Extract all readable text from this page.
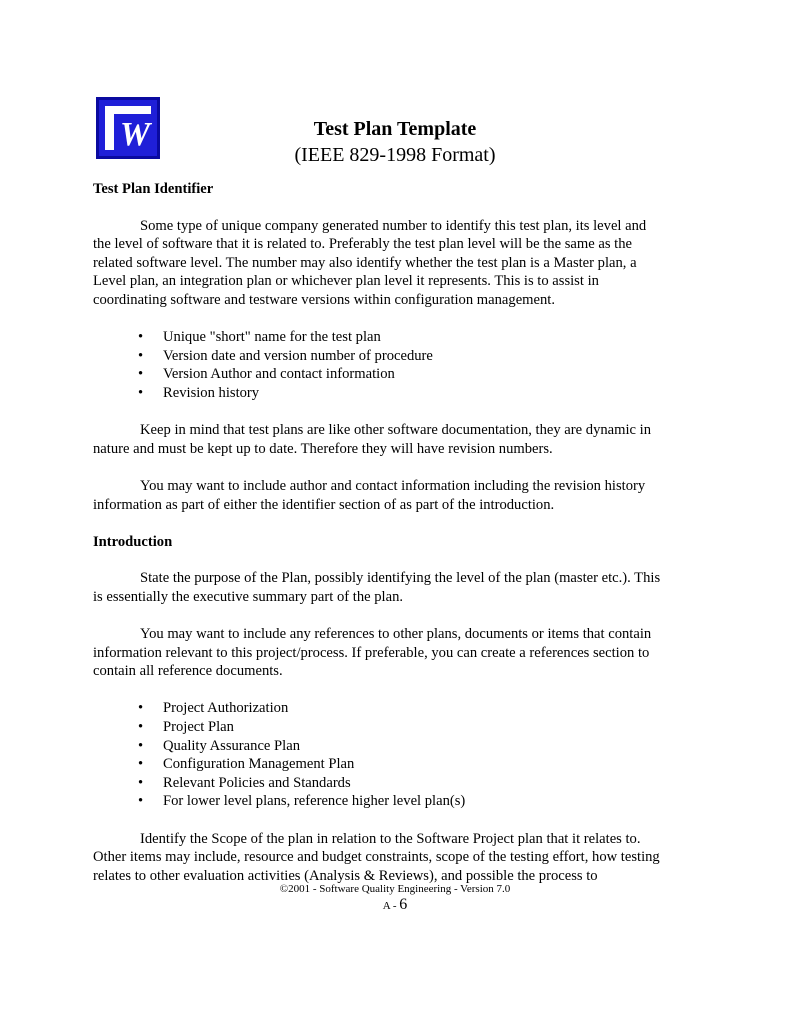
W	Test Plan Template
(IEEE 829-1998 Format)
Test Plan Identifier

Some type of unique company generated number to identify this test plan, its level and the level of software that it is related to. Preferably the test plan level will be the same as the related software level. The number may also identify whether the test plan is a Master plan, a Level plan, an integration plan or whichever plan level it represents. This is to assist in coordinating software and testware versions within configuration management.

• Unique "short" name for the test plan
• Version date and version number of procedure
• Version Author and contact information
• Revision history

Keep in mind that test plans are like other software documentation, they are dynamic in nature and must be kept up to date. Therefore they will have revision numbers.

You may want to include author and contact information including the revision history information as part of either the identifier section of as part of the introduction.

Introduction

State the purpose of the Plan, possibly identifying the level of the plan (master etc.). This is essentially the executive summary part of the plan.

You may want to include any references to other plans, documents or items that contain information relevant to this project/process. If preferable, you can create a references section to contain all reference documents.

• Project Authorization
• Project Plan
• Quality Assurance Plan
• Configuration Management Plan
• Relevant Policies and Standards
• For lower level plans, reference higher level plan(s)

Identify the Scope of the plan in relation to the Software Project plan that it relates to. Other items may include, resource and budget constraints, scope of the testing effort, how testing relates to other evaluation activities (Analysis & Reviews), and possible the process to

©2001 - Software Quality Engineering - Version 7.0
A - 6
